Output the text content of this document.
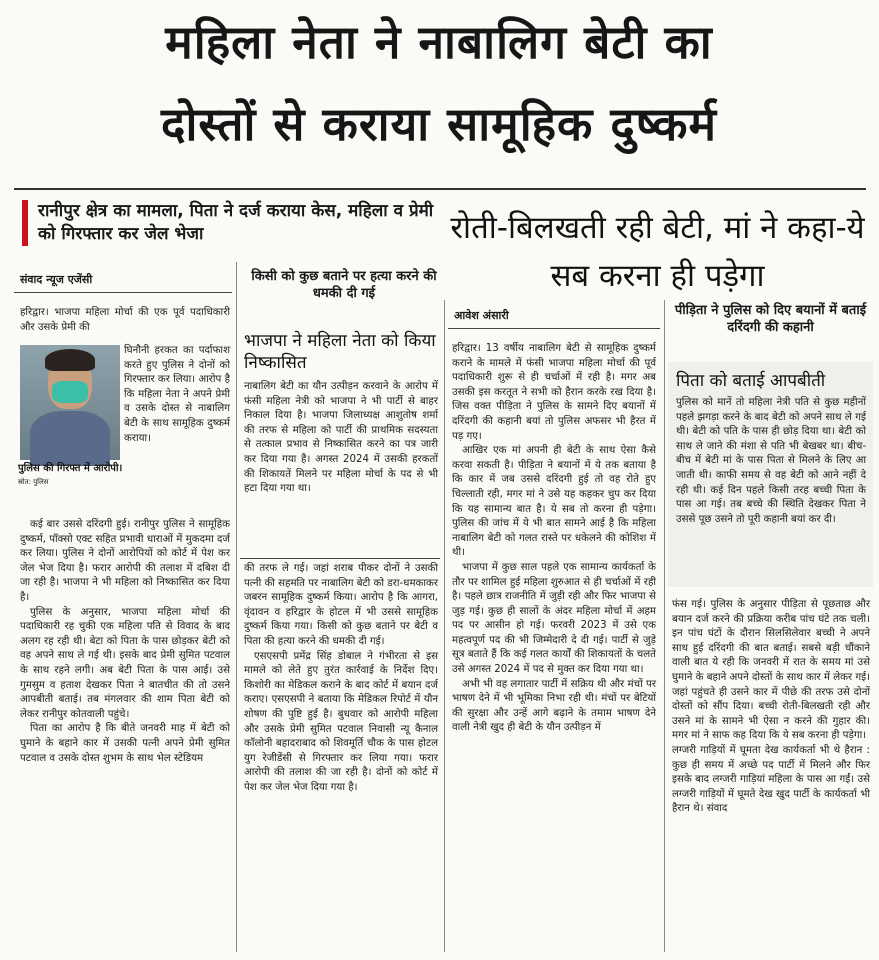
महिला नेता ने नाबालिग बेटी का
दोस्तों से कराया सामूहिक दुष्कर्म
रानीपुर क्षेत्र का मामला, पिता ने दर्ज कराया केस, महिला व प्रेमी को गिरफ्तार कर जेल भेजा	रोती-बिलखती रही बेटी, मां ने कहा-ये सब करना ही पड़ेगा
संवाद न्यूज एजेंसी	किसी को कुछ बताने पर हत्या करने की धमकी दी गई
आवेश अंसारी	पीड़िता ने पुलिस को दिए बयानों में बताई दरिंदगी की कहानी
पुलिस की गिरफ्त में आरोपी। स्रोत: पुलिस

हरिद्वार। भाजपा महिला मोर्चा की एक पूर्व पदाधिकारी और उसके प्रेमी की

घिनौनी हरकत का पर्दाफाश करते हुए पुलिस ने दोनों को गिरफ्तार कर लिया। आरोप है कि महिला नेता ने अपने प्रेमी व उसके दोस्त से नाबालिग बेटी के साथ सामूहिक दुष्कर्म कराया।

कई बार उससे दरिंदगी हुई। रानीपुर पुलिस ने सामूहिक दुष्कर्म, पॉक्सो एक्ट सहित प्रभावी धाराओं में मुकदमा दर्ज कर लिया। पुलिस ने दोनों आरोपियों को कोर्ट में पेश कर जेल भेज दिया है। फरार आरोपी की तलाश में दबिश दी जा रही है। भाजपा ने भी महिला को निष्कासित कर दिया है।

पुलिस के अनुसार, भाजपा महिला मोर्चा की पदाधिकारी रह चुकी एक महिला पति से विवाद के बाद अलग रह रही थी। बेटा को पिता के पास छोड़कर बेटी को वह अपने साथ ले गई थी। इसके बाद प्रेमी सुमित पटवाल के साथ रहने लगी। अब बेटी पिता के पास आई। उसे गुमसुम व हताश देखकर पिता ने बातचीत की तो उसने आपबीती बताई। तब मंगलवार की शाम पिता बेटी को लेकर रानीपुर कोतवाली पहुंचे।

पिता का आरोप है कि बीते जनवरी माह में बेटी को घुमाने के बहाने कार में उसकी पत्नी अपने प्रेमी सुमित पटवाल व उसके दोस्त शुभम के साथ भेल स्टेडियम

भाजपा ने महिला नेता को किया निष्कासित

नाबालिग बेटी का यौन उत्पीड़न करवाने के आरोप में फंसी महिला नेत्री को भाजपा ने भी पार्टी से बाहर निकाल दिया है। भाजपा जिलाध्यक्ष आशुतोष शर्मा की तरफ से महिला को पार्टी की प्राथमिक सदस्यता से तत्काल प्रभाव से निष्कासित करने का पत्र जारी कर दिया गया है। अगस्त 2024 में उसकी हरकतों की शिकायतें मिलने पर महिला मोर्चा के पद से भी हटा दिया गया था।

की तरफ ले गई। जहां शराब पीकर दोनों ने उसकी पत्नी की सहमति पर नाबालिग बेटी को डरा-धमकाकर जबरन सामूहिक दुष्कर्म किया। आरोप है कि आगरा, वृंदावन व हरिद्वार के होटल में भी उससे सामूहिक दुष्कर्म किया गया। किसी को कुछ बताने पर बेटी व पिता की हत्या करने की धमकी दी गई।

एसएसपी प्रमेंद्र सिंह डोबाल ने गंभीरता से इस मामले को लेते हुए तुरंत कार्रवाई के निर्देश दिए। किशोरी का मेडिकल कराने के बाद कोर्ट में बयान दर्ज कराए। एसएसपी ने बताया कि मेडिकल रिपोर्ट में यौन शोषण की पुष्टि हुई है। बुधवार को आरोपी महिला और उसके प्रेमी सुमित पटवाल निवासी न्यू कैनाल कॉलोनी बहादराबाद को शिवमूर्ति चौक के पास होटल युग रेजीडेंसी से गिरफ्तार कर लिया गया। फरार आरोपी की तलाश की जा रही है। दोनों को कोर्ट में पेश कर जेल भेज दिया गया है।

हरिद्वार। 13 वर्षीय नाबालिग बेटी से सामूहिक दुष्कर्म कराने के मामले में फंसी भाजपा महिला मोर्चा की पूर्व पदाधिकारी शुरू से ही चर्चाओं में रही है। मगर अब उसकी इस करतूत ने सभी को हैरान करके रख दिया है। जिस वक्त पीड़िता ने पुलिस के सामने दिए बयानों में दरिंदगी की कहानी बयां तो पुलिस अफसर भी हैरत में पड़ गए।

आखिर एक मां अपनी ही बेटी के साथ ऐसा कैसे करवा सकती है। पीड़िता ने बयानों में ये तक बताया है कि कार में जब उससे दरिंदगी हुई तो वह रोते हुए चिल्लाती रही, मगर मां ने उसे यह कहकर चुप कर दिया कि यह सामान्य बात है। ये सब तो करना ही पड़ेगा। पुलिस की जांच में ये भी बात सामने आई है कि महिला नाबालिग बेटी को गलत रास्ते पर धकेलने की कोशिश में थी।

भाजपा में कुछ साल पहले एक सामान्य कार्यकर्ता के तौर पर शामिल हुई महिला शुरुआत से ही चर्चाओं में रही है। पहले छात्र राजनीति में जुड़ी रही और फिर भाजपा से जुड़ गई। कुछ ही सालों के अंदर महिला मोर्चा में अहम पद पर आसीन हो गई। फरवरी 2023 में उसे एक महत्वपूर्ण पद की भी जिम्मेदारी दे दी गई। पार्टी से जुड़े सूत्र बताते हैं कि कई गलत कार्यों की शिकायतों के चलते उसे अगस्त 2024 में पद से मुक्त कर दिया गया था।

अभी भी वह लगातार पार्टी में सक्रिय थी और मंचों पर भाषण देने में भी भूमिका निभा रही थी। मंचों पर बेटियों की सुरक्षा और उन्हें आगे बढ़ाने के तमाम भाषण देने वाली नेत्री खुद ही बेटी के यौन उत्पीड़न में

पिता को बताई आपबीती

पुलिस को मानें तो महिला नेत्री पति से कुछ महीनों पहले झगड़ा करने के बाद बेटी को अपने साथ ले गई थी। बेटी को पति के पास ही छोड़ दिया था। बेटी को साथ ले जाने की मंशा से पति भी बेखबर था। बीच-बीच में बेटी मां के पास पिता से मिलने के लिए आ जाती थी। काफी समय से वह बेटी को आने नहीं दे रही थी। कई दिन पहले किसी तरह बच्ची पिता के पास आ गई। तब बच्चे की स्थिति देखकर पिता ने उससे पूछ उसने तो पूरी कहानी बयां कर दी।

फंस गई। पुलिस के अनुसार पीड़िता से पूछताछ और बयान दर्ज करने की प्रक्रिया करीब पांच घंटे तक चली। इन पांच घंटों के दौरान सिलसिलेवार बच्ची ने अपने साथ हुई दरिंदगी की बात बताई। सबसे बड़ी चौंकाने वाली बात ये रही कि जनवरी में रात के समय मां उसे घुमाने के बहाने अपने दोस्तों के साथ कार में लेकर गई। जहां पहुंचते ही उसने कार में पीछे की तरफ उसे दोनों दोस्तों को सौंप दिया। बच्ची रोती-बिलखती रही और उसने मां के सामने भी ऐसा न करने की गुहार की। मगर मां ने साफ कह दिया कि ये सब करना ही पड़ेगा।

लग्जरी गाड़ियों में घूमता देख कार्यकर्ता भी थे हैरान : कुछ ही समय में अच्छे पद पार्टी में मिलने और फिर इसके बाद लग्जरी गाड़ियां महिला के पास आ गईं। उसे लग्जरी गाड़ियों में घूमते देख खुद पार्टी के कार्यकर्ता भी हैरान थे। संवाद
